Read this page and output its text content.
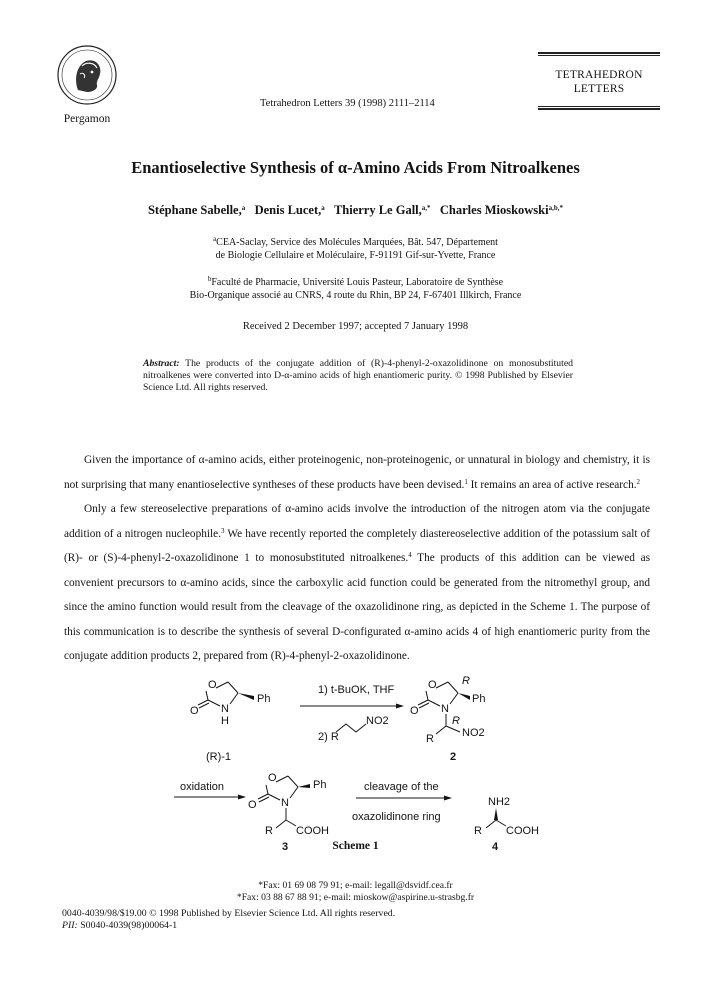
Pergamon
Tetrahedron Letters 39 (1998) 2111–2114
TETRAHEDRON
LETTERS
Enantioselective Synthesis of α-Amino Acids From Nitroalkenes
Stéphane Sabelle,$^a$ Denis Lucet,$^a$ Thierry Le Gall,$^{a,*}$ Charles Mioskowski$^{a,b,*}$
$^a$CEA-Saclay, Service des Molécules Marquées, Bât. 547, Département
de Biologie Cellulaire et Moléculaire, F-91191 Gif-sur-Yvette, France
$^b$Faculté de Pharmacie, Université Louis Pasteur, Laboratoire de Synthèse
Bio-Organique associé au CNRS, 4 route du Rhin, BP 24, F-67401 Illkirch, France
Received 2 December 1997; accepted 7 January 1998
Abstract: The products of the conjugate addition of (R)-4-phenyl-2-oxazolidinone on monosubstituted nitroalkenes were converted into D-α-amino acids of high enantiomeric purity. © 1998 Published by Elsevier Science Ltd. All rights reserved.

Given the importance of α-amino acids, either proteinogenic, non-proteinogenic, or unnatural in biology and chemistry, it is not surprising that many enantioselective syntheses of these products have been devised.$^1$ It remains an area of active research.$^2$

Only a few stereoselective preparations of α-amino acids involve the introduction of the nitrogen atom via the conjugate addition of a nitrogen nucleophile.$^3$ We have recently reported the completely diastereoselective addition of the potassium salt of (R)- or (S)-4-phenyl-2-oxazolidinone 1 to monosubstituted nitroalkenes.$^4$ The products of this addition can be viewed as convenient precursors to α-amino acids, since the carboxylic acid function could be generated from the nitromethyl group, and since the amino function would result from the cleavage of the oxazolidinone ring, as depicted in the Scheme 1. The purpose of this communication is to describe the synthesis of several D-configurated α-amino acids 4 of high enantiomeric purity from the conjugate addition products 2, prepared from (R)-4-phenyl-2-oxazolidinone.

O
O N
H
Ph
(R)-1
1) t-BuOK, THF
2) R
NO2
O
O N
R
Ph
R
NO2
R
2
oxidation
O
O N
Ph
R COOH
3
cleavage of the
oxazolidinone ring
NH2
R COOH
4
Scheme 1
*Fax: 01 69 08 79 91; e-mail: legall@dsvidf.cea.fr
*Fax: 03 88 67 88 91; e-mail: mioskow@aspirine.u-strasbg.fr
0040-4039/98/$19.00 © 1998 Published by Elsevier Science Ltd. All rights reserved.
PII: S0040-4039(98)00064-1
